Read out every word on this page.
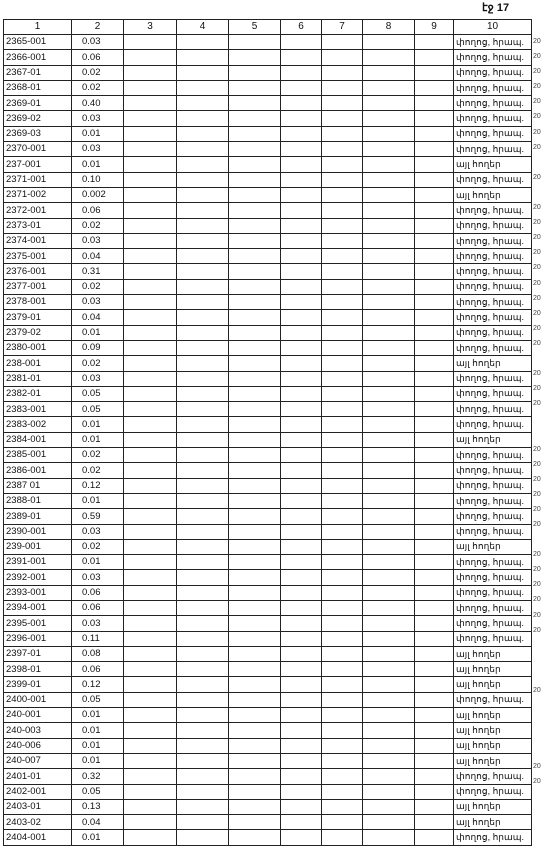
էջ 17
1	2	3	4	5	6	7	8	9	10
2365-001	0.03								փողոց, հրապ.
2366-001	0.06								փողոց, հրապ.
2367-01	0.02								փողոց, հրապ.
2368-01	0.02								փողոց, հրապ.
2369-01	0.40								փողոց, հրապ.
2369-02	0.03								փողոց, հրապ.
2369-03	0.01								փողոց, հրապ.
2370-001	0.03								փողոց, հրապ.
237-001	0.01								այլ հողեր
2371-001	0.10								փողոց, հրապ.
2371-002	0.002								այլ հողեր
2372-001	0.06								փողոց, հրապ.
2373-01	0.02								փողոց, հրապ.
2374-001	0.03								փողոց, հրապ.
2375-001	0.04								փողոց, հրապ.
2376-001	0.31								փողոց, հրապ.
2377-001	0.02								փողոց, հրապ.
2378-001	0.03								փողոց, հրապ.
2379-01	0.04								փողոց, հրապ.
2379-02	0.01								փողոց, հրապ.
2380-001	0.09								փողոց, հրապ.
238-001	0.02								այլ հողեր
2381-01	0.03								փողոց, հրապ.
2382-01	0.05								փողոց, հրապ.
2383-001	0.05								փողոց, հրապ.
2383-002	0.01								փողոց, հրապ.
2384-001	0.01								այլ հողեր
2385-001	0.02								փողոց, հրապ.
2386-001	0.02								փողոց, հրապ.
2387 01	0.12								փողոց, հրապ.
2388-01	0.01								փողոց, հրապ.
2389-01	0.59								փողոց, հրապ.
2390-001	0.03								փողոց, հրապ.
239-001	0.02								այլ հողեր
2391-001	0.01								փողոց, հրապ.
2392-001	0.03								փողոց, հրապ.
2393-001	0.06								փողոց, հրապ.
2394-001	0.06								փողոց, հրապ.
2395-001	0.03								փողոց, հրապ.
2396-001	0.11								փողոց, հրապ.
2397-01	0.08								այլ հողեր
2398-01	0.06								այլ հողեր
2399-01	0.12								այլ հողեր
2400-001	0.05								փողոց, հրապ.
240-001	0.01								այլ հողեր
240-003	0.01								այլ հողեր
240-006	0.01								այլ հողեր
240-007	0.01								այլ հողեր
2401-01	0.32								փողոց, հրապ.
2402-001	0.05								փողոց, հրապ.
2403-01	0.13								այլ հողեր
2403-02	0.04								այլ հողեր
2404-001	0.01								փողոց, հրապ.
20
20
20
20
20
20
20
20
20
20
20
20
20
20
20
20
20
20
20
20
20
20
20
20
20
20
20
20
20
20
20
20
20
20
20
20
20
